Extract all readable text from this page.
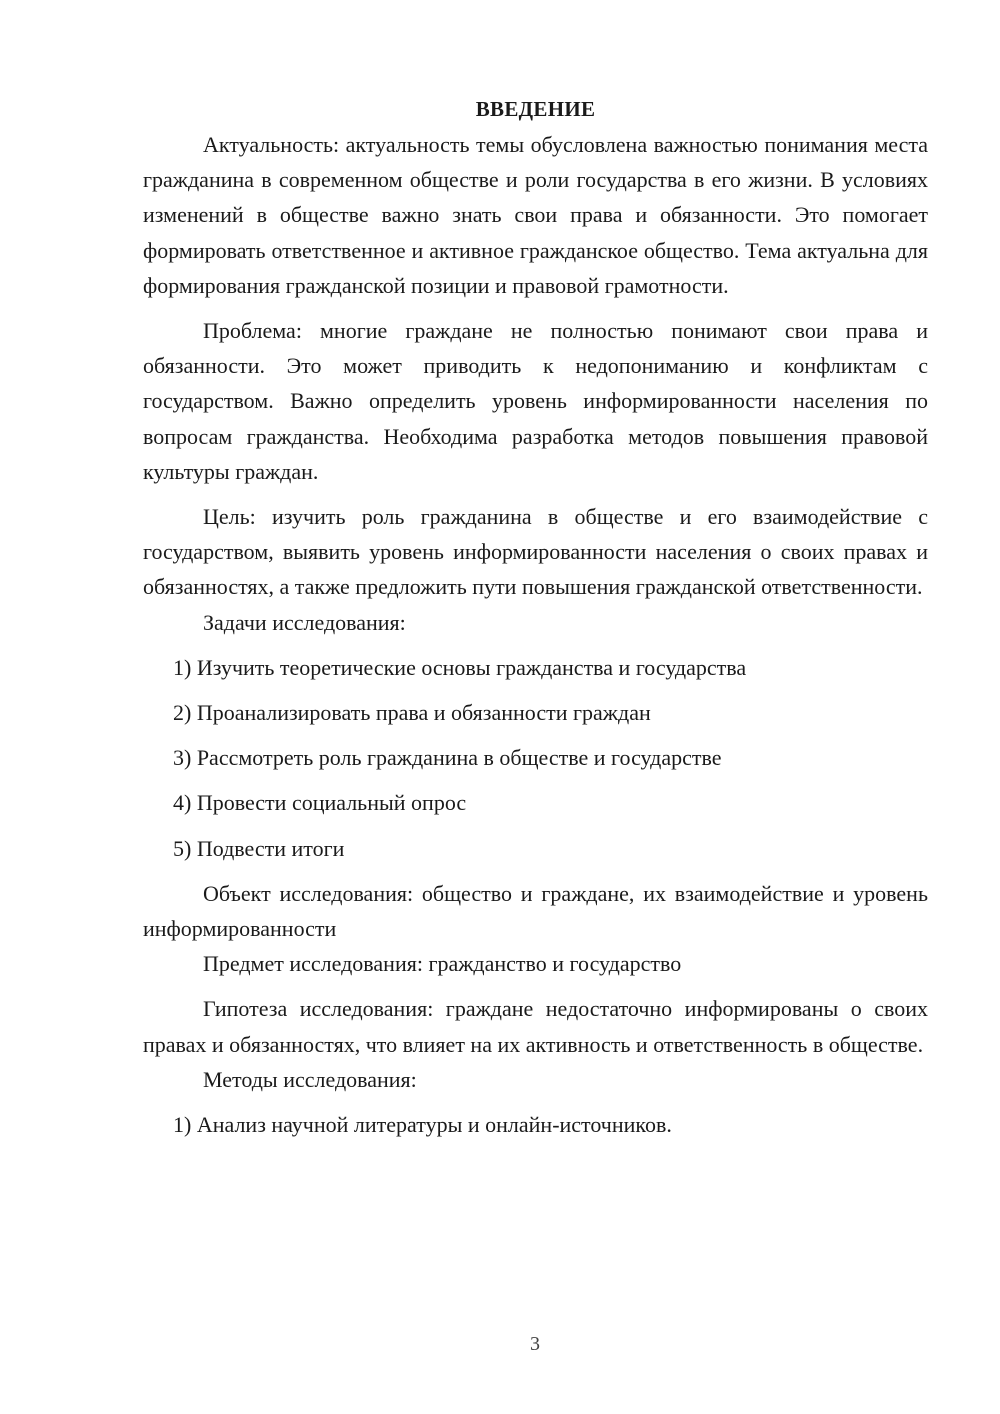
ВВЕДЕНИЕ

Актуальность: актуальность темы обусловлена важностью понимания места гражданина в современном обществе и роли государства в его жизни. В условиях изменений в обществе важно знать свои права и обязанности. Это помогает формировать ответственное и активное гражданское общество. Тема актуальна для формирования гражданской позиции и правовой грамотности.

Проблема: многие граждане не полностью понимают свои права и обязанности. Это может приводить к недопониманию и конфликтам с государством. Важно определить уровень информированности населения по вопросам гражданства. Необходима разработка методов повышения правовой культуры граждан.

Цель: изучить роль гражданина в обществе и его взаимодействие с государством, выявить уровень информированности населения о своих правах и обязанностях, а также предложить пути повышения гражданской ответственности.

Задачи исследования:

1) Изучить теоретические основы гражданства и государства

2) Проанализировать права и обязанности граждан

3) Рассмотреть роль гражданина в обществе и государстве

4) Провести социальный опрос

5) Подвести итоги

Объект исследования: общество и граждане, их взаимодействие и уровень информированности

Предмет исследования: гражданство и государство

Гипотеза исследования: граждане недостаточно информированы о своих правах и обязанностях, что влияет на их активность и ответственность в обществе.

Методы исследования:

1) Анализ научной литературы и онлайн-источников.

3
